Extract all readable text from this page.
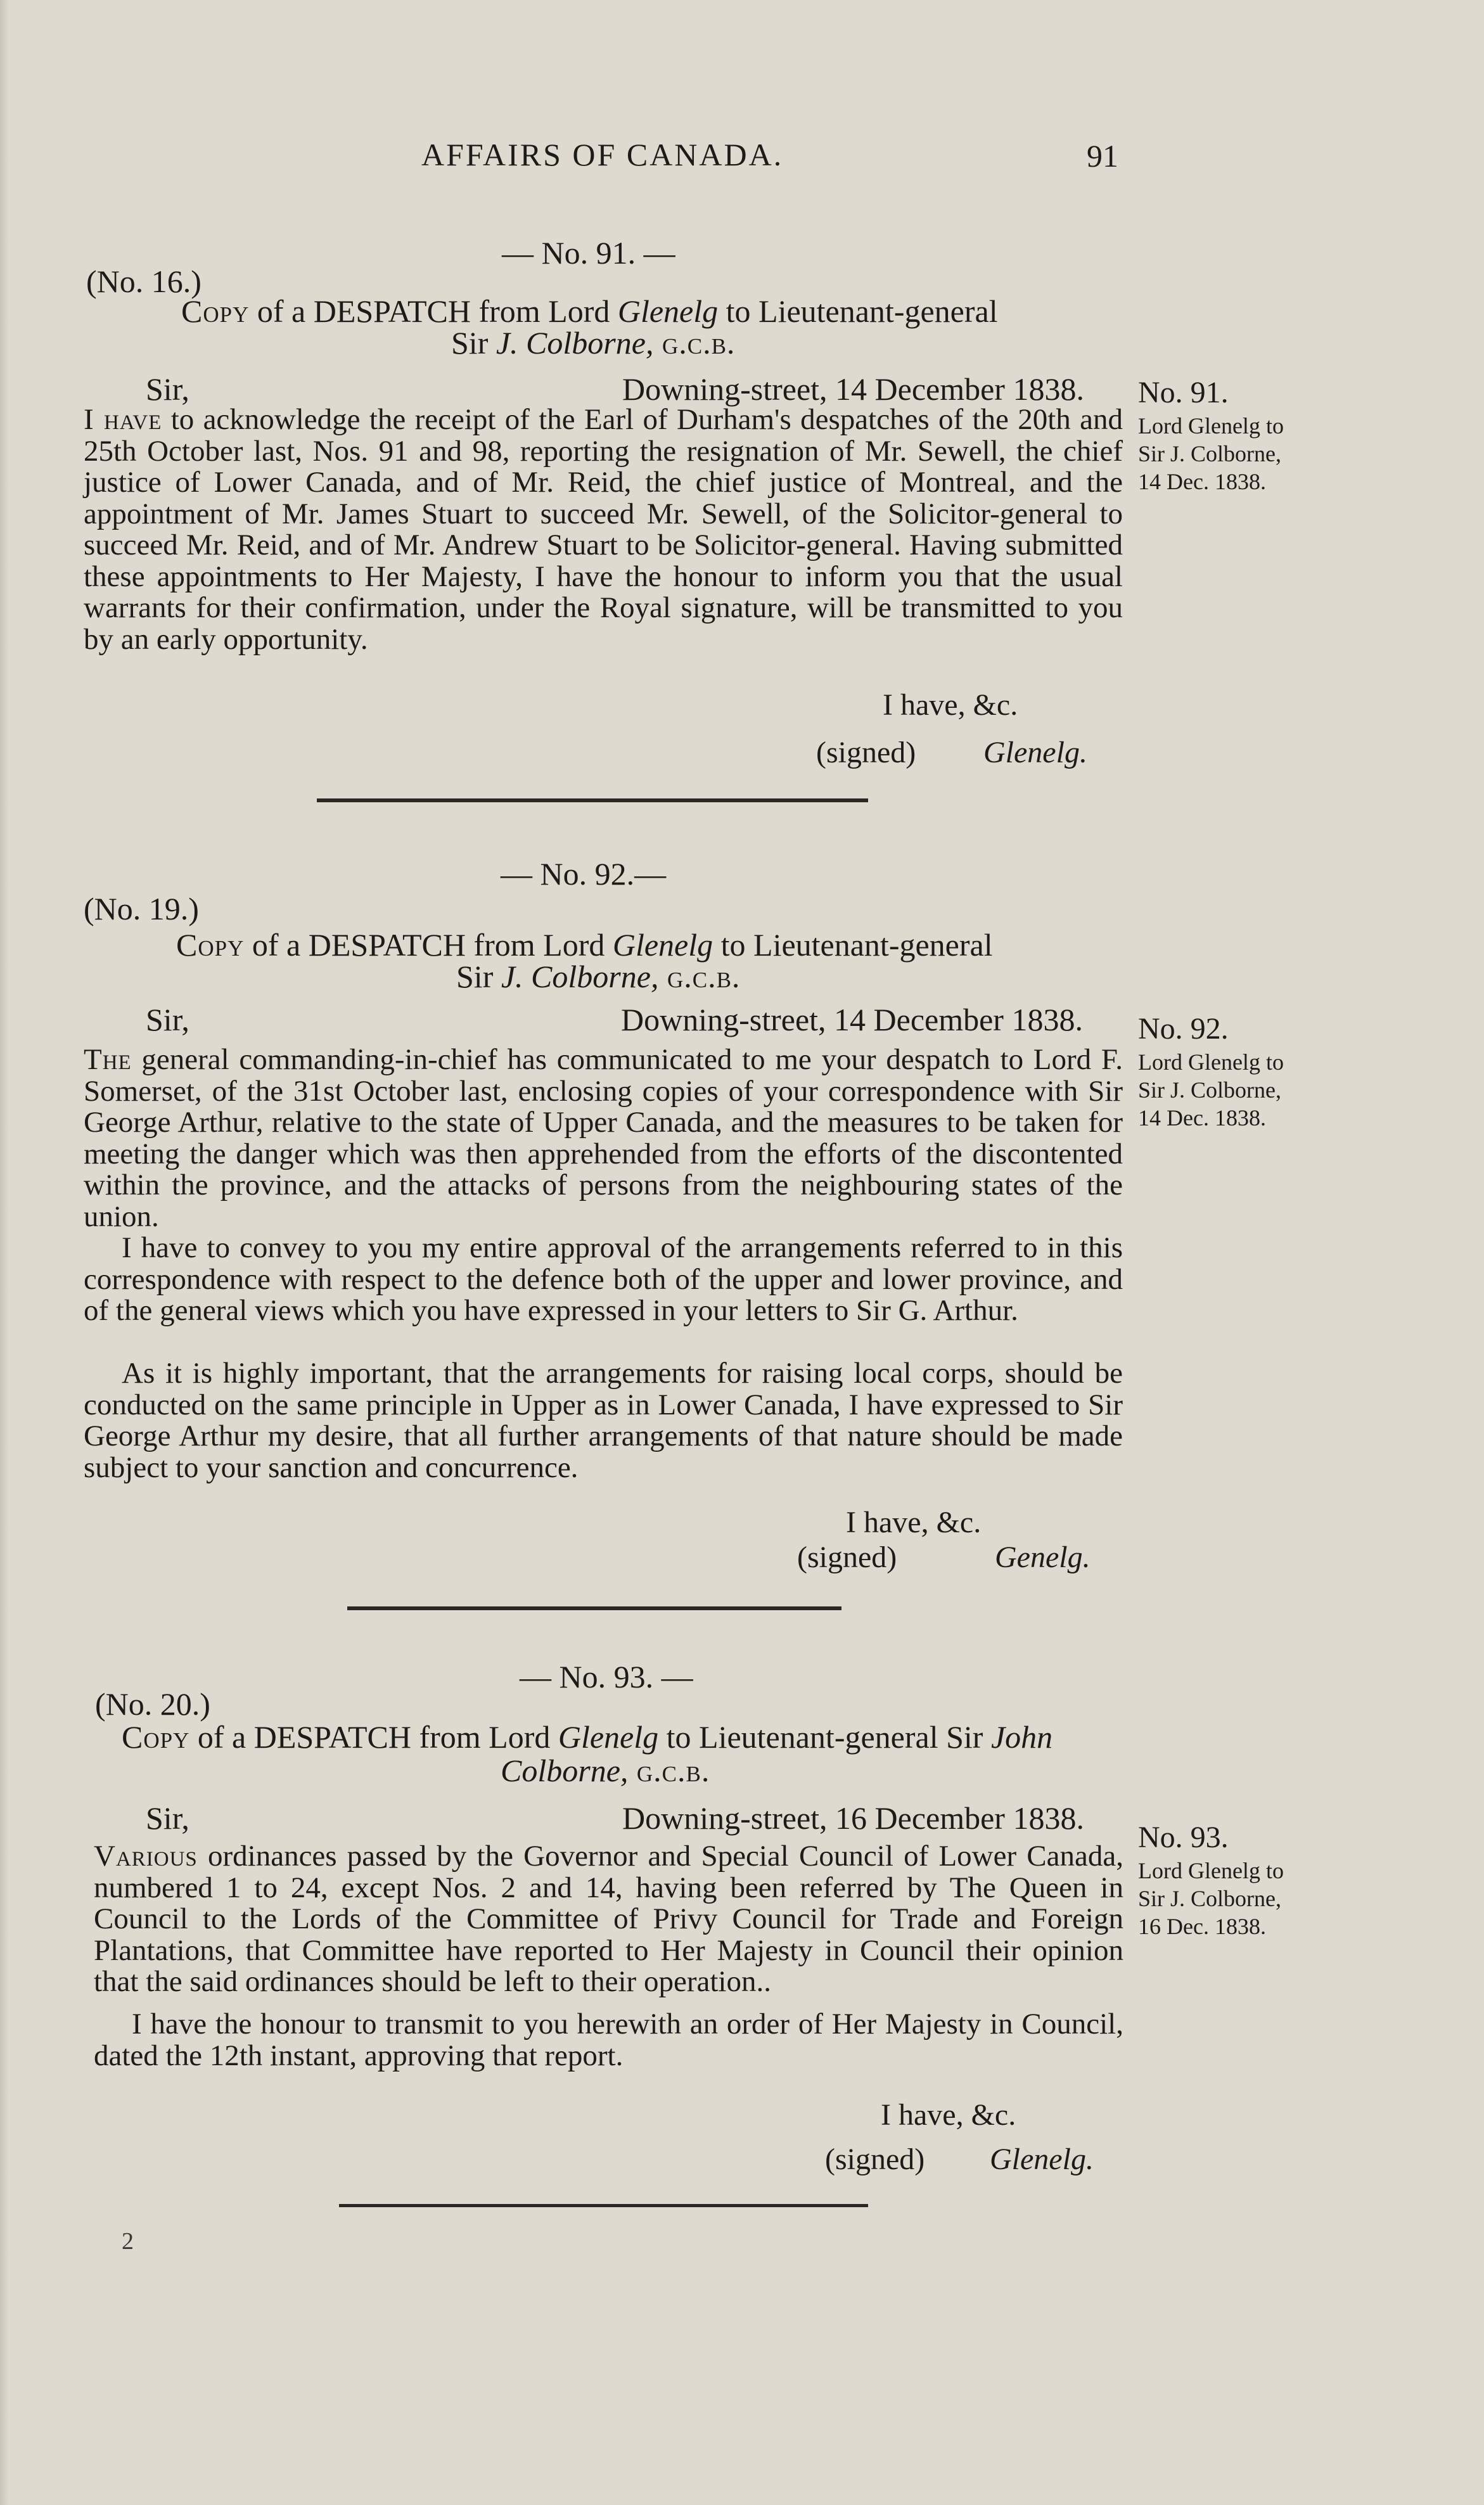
AFFAIRS OF CANADA.	91
— No. 91. —
(No. 16.)
Copy of a DESPATCH from Lord Glenelg to Lieutenant-general
Sir J. Colborne, g.c.b.
Sir,	Downing-street, 14 December 1838.

I have to acknowledge the receipt of the Earl of Durham's despatches of the 20th and 25th October last, Nos. 91 and 98, reporting the resignation of Mr. Sewell, the chief justice of Lower Canada, and of Mr. Reid, the chief justice of Montreal, and the appointment of Mr. James Stuart to succeed Mr. Sewell, of the Solicitor-general to succeed Mr. Reid, and of Mr. Andrew Stuart to be Solicitor-general. Having submitted these appointments to Her Majesty, I have the honour to inform you that the usual warrants for their confirmation, under the Royal signature, will be transmitted to you by an early opportunity.

I have, &c.
(signed) Glenelg.
No. 91.
Lord Glenelg to
Sir J. Colborne,
14 Dec. 1838.
— No. 92.—
(No. 19.)
Copy of a DESPATCH from Lord Glenelg to Lieutenant-general
Sir J. Colborne, g.c.b.
Sir,	Downing-street, 14 December 1838.

The general commanding-in-chief has communicated to me your despatch to Lord F. Somerset, of the 31st October last, enclosing copies of your correspondence with Sir George Arthur, relative to the state of Upper Canada, and the measures to be taken for meeting the danger which was then apprehended from the efforts of the discontented within the province, and the attacks of persons from the neighbouring states of the union.

I have to convey to you my entire approval of the arrangements referred to in this correspondence with respect to the defence both of the upper and lower province, and of the general views which you have expressed in your letters to Sir G. Arthur.

As it is highly important, that the arrangements for raising local corps, should be conducted on the same principle in Upper as in Lower Canada, I have expressed to Sir George Arthur my desire, that all further arrangements of that nature should be made subject to your sanction and concurrence.

I have, &c.
(signed)	Genelg.
No. 92.
Lord Glenelg to
Sir J. Colborne,
14 Dec. 1838.
— No. 93. —
(No. 20.)
Copy of a DESPATCH from Lord Glenelg to Lieutenant-general Sir John
Colborne, g.c.b.
Sir,	Downing-street, 16 December 1838.

Various ordinances passed by the Governor and Special Council of Lower Canada, numbered 1 to 24, except Nos. 2 and 14, having been referred by The Queen in Council to the Lords of the Committee of Privy Council for Trade and Foreign Plantations, that Committee have reported to Her Majesty in Council their opinion that the said ordinances should be left to their operation..

I have the honour to transmit to you herewith an order of Her Majesty in Council, dated the 12th instant, approving that report.

I have, &c.
(signed) Glenelg.
No. 93.
Lord Glenelg to
Sir J. Colborne,
16 Dec. 1838.
2
